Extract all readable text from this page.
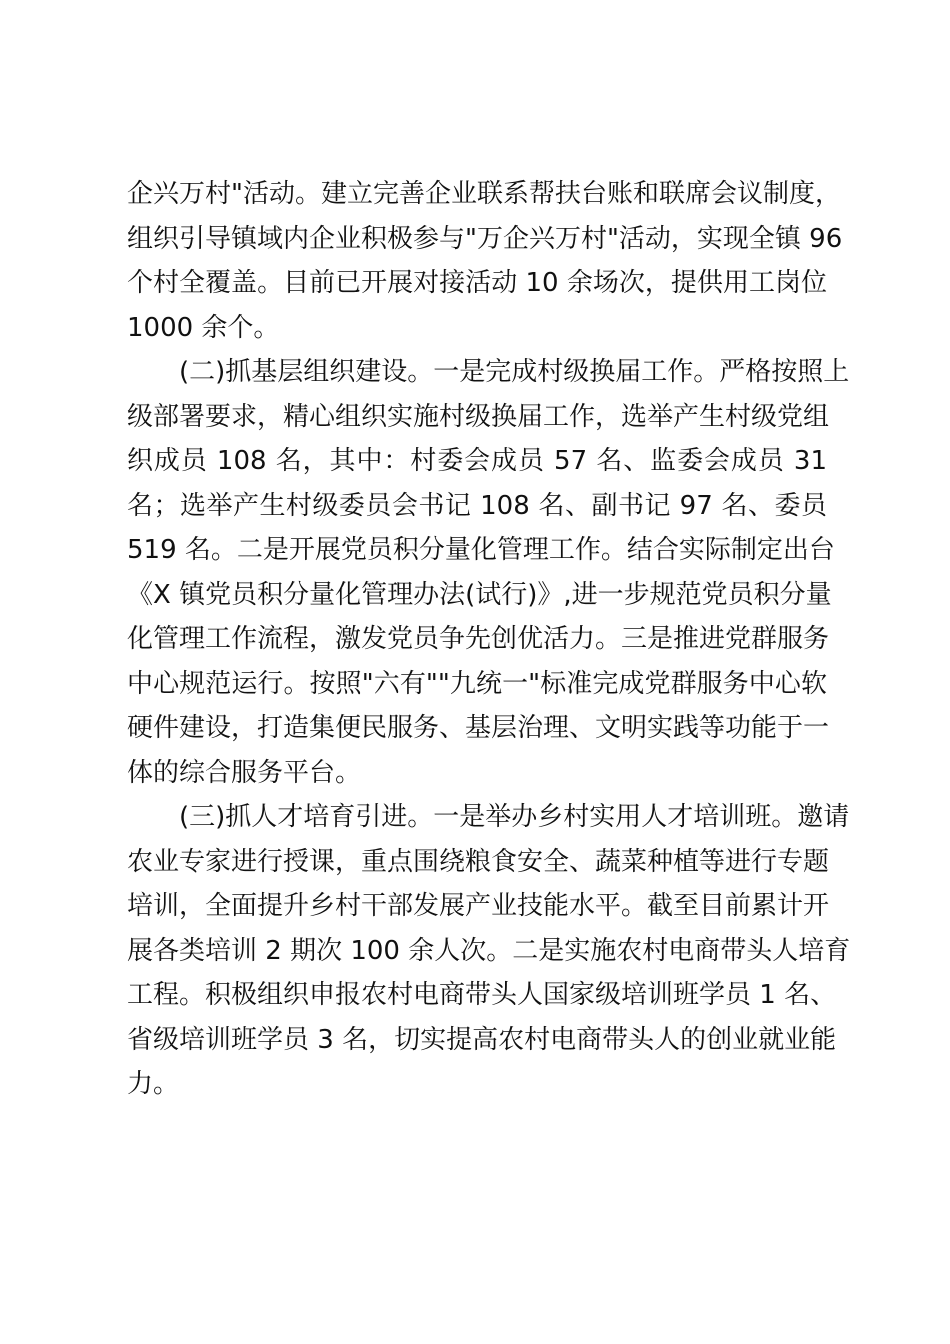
企兴万村"活动。建立完善企业联系帮扶台账和联席会议制度，
组织引导镇域内企业积极参与"万企兴万村"活动，实现全镇 96
个村全覆盖。目前已开展对接活动 10 余场次，提供用工岗位
1000 余个。

(二)抓基层组织建设。一是完成村级换届工作。严格按照上
级部署要求，精心组织实施村级换届工作，选举产生村级党组
织成员 108 名，其中：村委会成员 57 名、监委会成员 31
名；选举产生村级委员会书记 108 名、副书记 97 名、委员
519 名。二是开展党员积分量化管理工作。结合实际制定出台
《X 镇党员积分量化管理办法(试行)》,进一步规范党员积分量
化管理工作流程，激发党员争先创优活力。三是推进党群服务
中心规范运行。按照"六有""九统一"标准完成党群服务中心软
硬件建设，打造集便民服务、基层治理、文明实践等功能于一
体的综合服务平台。

(三)抓人才培育引进。一是举办乡村实用人才培训班。邀请
农业专家进行授课，重点围绕粮食安全、蔬菜种植等进行专题
培训，全面提升乡村干部发展产业技能水平。截至目前累计开
展各类培训 2 期次 100 余人次。二是实施农村电商带头人培育
工程。积极组织申报农村电商带头人国家级培训班学员 1 名、
省级培训班学员 3 名，切实提高农村电商带头人的创业就业能
力。
